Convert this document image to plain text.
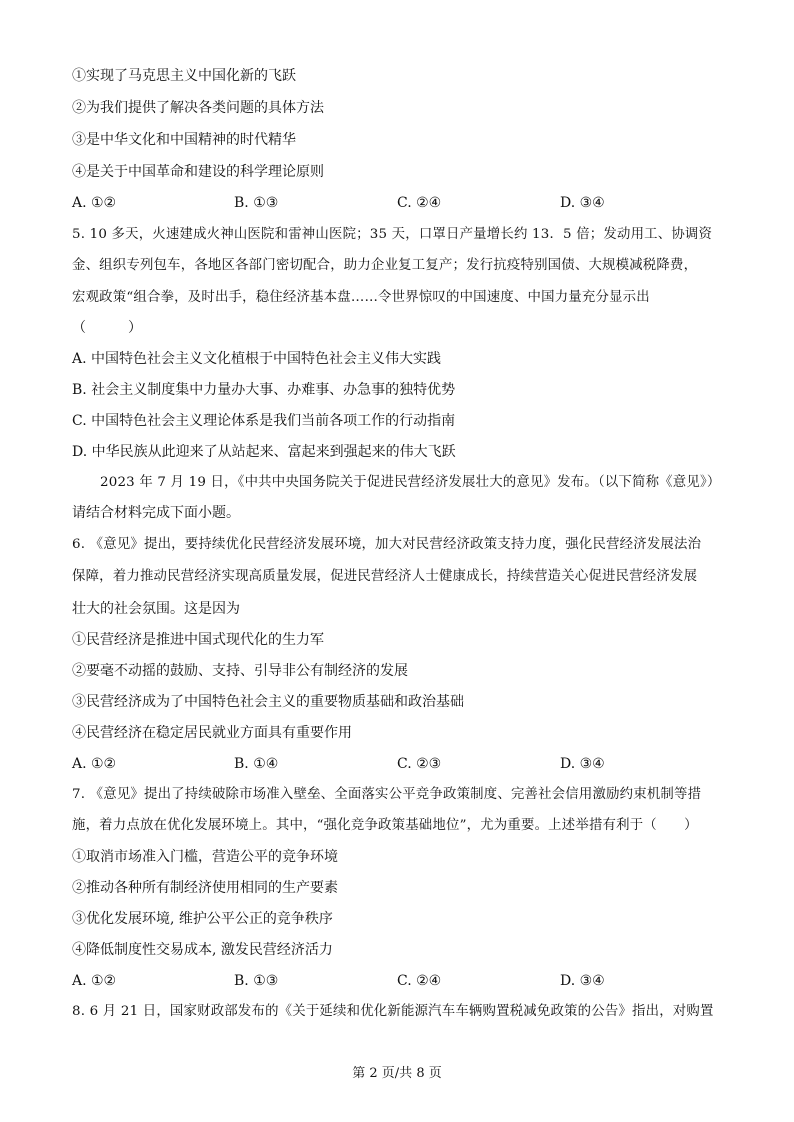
①实现了马克思主义中国化新的飞跃
②为我们提供了解决各类问题的具体方法
③是中华文化和中国精神的时代精华
④是关于中国革命和建设的科学理论原则
A. ①②	B. ①③	C. ②④	D. ③④
5. 10 多天，火速建成火神山医院和雷神山医院；35 天，口罩日产量增长约 13．5 倍；发动用工、协调资
金、组织专列包车，各地区各部门密切配合，助力企业复工复产；发行抗疫特别国债、大规模减税降费，
宏观政策“组合拳，及时出手，稳住经济基本盘……令世界惊叹的中国速度、中国力量充分显示出
（　　　）
A. 中国特色社会主义文化植根于中国特色社会主义伟大实践
B. 社会主义制度集中力量办大事、办难事、办急事的独特优势
C. 中国特色社会主义理论体系是我们当前各项工作的行动指南
D. 中华民族从此迎来了从站起来、富起来到强起来的伟大飞跃
2023 年 7 月 19 日，《中共中央国务院关于促进民营经济发展壮大的意见》发布。（以下简称《意见》）
请结合材料完成下面小题。
6. 《意见》提出，要持续优化民营经济发展环境，加大对民营经济政策支持力度，强化民营经济发展法治
保障，着力推动民营经济实现高质量发展，促进民营经济人士健康成长，持续营造关心促进民营经济发展
壮大的社会氛围。这是因为
①民营经济是推进中国式现代化的生力军
②要毫不动摇的鼓励、支持、引导非公有制经济的发展
③民营经济成为了中国特色社会主义的重要物质基础和政治基础
④民营经济在稳定居民就业方面具有重要作用
A. ①②	B. ①④	C. ②③	D. ③④
7. 《意见》提出了持续破除市场准入壁垒、全面落实公平竞争政策制度、完善社会信用激励约束机制等措
施，着力点放在优化发展环境上。其中，“强化竞争政策基础地位”，尤为重要。上述举措有利于（　　）
①取消市场准入门槛，营造公平的竞争环境
②推动各种所有制经济使用相同的生产要素
③优化发展环境, 维护公平公正的竞争秩序
④降低制度性交易成本, 激发民营经济活力
A. ①②	B. ①③	C. ②④	D. ③④
8. 6 月 21 日，国家财政部发布的《关于延续和优化新能源汽车车辆购置税减免政策的公告》指出，对购置
第 2 页/共 8 页
